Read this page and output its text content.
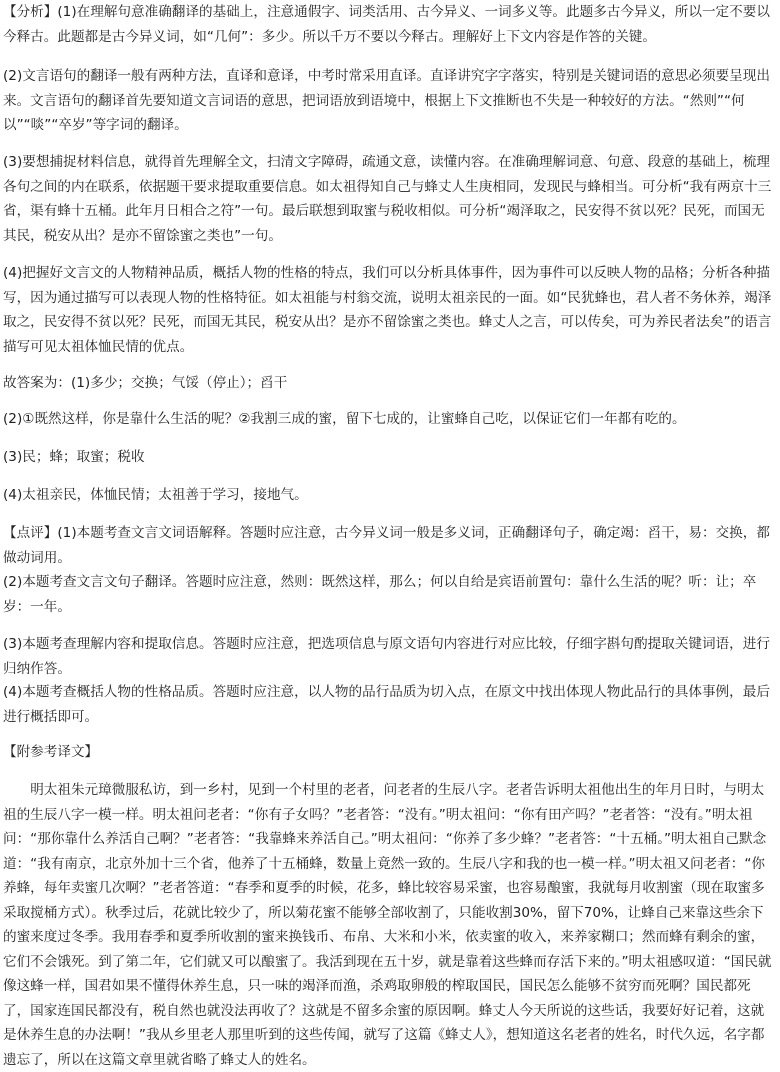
【分析】(1)在理解句意准确翻译的基础上，注意通假字、词类活用、古今异义、一词多义等。此题多古今异义，所以一定不要以今释古。此题都是古今异义词，如“几何”：多少。所以千万不要以今释古。理解好上下文内容是作答的关键。

(2)文言语句的翻译一般有两种方法，直译和意译，中考时常采用直译。直译讲究字字落实，特别是关键词语的意思必须要呈现出来。文言语句的翻译首先要知道文言词语的意思，把词语放到语境中，根据上下文推断也不失是一种较好的方法。“然则”“何以”“啖”“卒岁”等字词的翻译。

(3)要想捕捉材料信息，就得首先理解全文，扫清文字障碍，疏通文意，读懂内容。在准确理解词意、句意、段意的基础上，梳理各句之间的内在联系，依据题干要求提取重要信息。如太祖得知自己与蜂丈人生庚相同，发现民与蜂相当。可分析“我有两京十三省，渠有蜂十五桶。此年月日相合之符”一句。最后联想到取蜜与税收相似。可分析“竭泽取之，民安得不贫以死？民死，而国无其民，税安从出？是亦不留馀蜜之类也”一句。

(4)把握好文言文的人物精神品质，概括人物的性格的特点，我们可以分析具体事件，因为事件可以反映人物的品格；分析各种描写，因为通过描写可以表现人物的性格特征。如太祖能与村翁交流，说明太祖亲民的一面。如“民犹蜂也，君人者不务休养，竭泽取之，民安得不贫以死？民死，而国无其民，税安从出？是亦不留馀蜜之类也。蜂丈人之言，可以传矣，可为养民者法矣”的语言描写可见太祖体恤民情的优点。

故答案为：(1)多少；交换；气馁（停止）；舀干

(2)①既然这样，你是靠什么生活的呢？②我割三成的蜜，留下七成的，让蜜蜂自己吃，以保证它们一年都有吃的。

(3)民；蜂；取蜜；税收

(4)太祖亲民，体恤民情；太祖善于学习，接地气。

【点评】(1)本题考查文言文词语解释。答题时应注意，古今异义词一般是多义词，正确翻译句子，确定竭：舀干，易：交换，都做动词用。

(2)本题考查文言文句子翻译。答题时应注意，然则：既然这样，那么；何以自给是宾语前置句：靠什么生活的呢？听：让；卒岁：一年。

(3)本题考查理解内容和提取信息。答题时应注意，把选项信息与原文语句内容进行对应比较，仔细字斟句酌提取关键词语，进行归纳作答。

(4)本题考查概括人物的性格品质。答题时应注意，以人物的品行品质为切入点，在原文中找出体现人物此品行的具体事例，最后进行概括即可。

【附参考译文】

明太祖朱元璋微服私访，到一乡村，见到一个村里的老者，问老者的生辰八字。老者告诉明太祖他出生的年月日时，与明太祖的生辰八字一模一样。明太祖问老者：“你有子女吗？”老者答：“没有。”明太祖问：“你有田产吗？”老者答：“没有。”明太祖问：“那你靠什么养活自己啊？”老者答：“我靠蜂来养活自己。”明太祖问：“你养了多少蜂？”老者答：“十五桶。”明太祖自己默念道：“我有南京，北京外加十三个省，他养了十五桶蜂，数量上竟然一致的。生辰八字和我的也一模一样。”明太祖又问老者：“你养蜂，每年卖蜜几次啊？”老者答道：“春季和夏季的时候，花多，蜂比较容易采蜜，也容易酿蜜，我就每月收割蜜（现在取蜜多采取搅桶方式）。秋季过后，花就比较少了，所以菊花蜜不能够全部收割了，只能收割30%，留下70%，让蜂自己来靠这些余下的蜜来度过冬季。我用春季和夏季所收割的蜜来换钱币、布帛、大米和小米，依卖蜜的收入，来养家糊口；然而蜂有剩余的蜜，它们不会饿死。到了第二年，它们就又可以酿蜜了。我活到现在五十岁，就是靠着这些蜂而存活下来的。”明太祖感叹道：“国民就像这蜂一样，国君如果不懂得休养生息，只一味的竭泽而渔，杀鸡取卵般的榨取国民，国民怎么能够不贫穷而死啊？国民都死了，国家连国民都没有，税自然也就没法再收了？这就是不留多余蜜的原因啊。蜂丈人今天所说的这些话，我要好好记着，这就是休养生息的办法啊！”我从乡里老人那里听到的这些传闻，就写了这篇《蜂丈人》，想知道这名老者的姓名，时代久远，名字都遗忘了，所以在这篇文章里就省略了蜂丈人的姓名。
